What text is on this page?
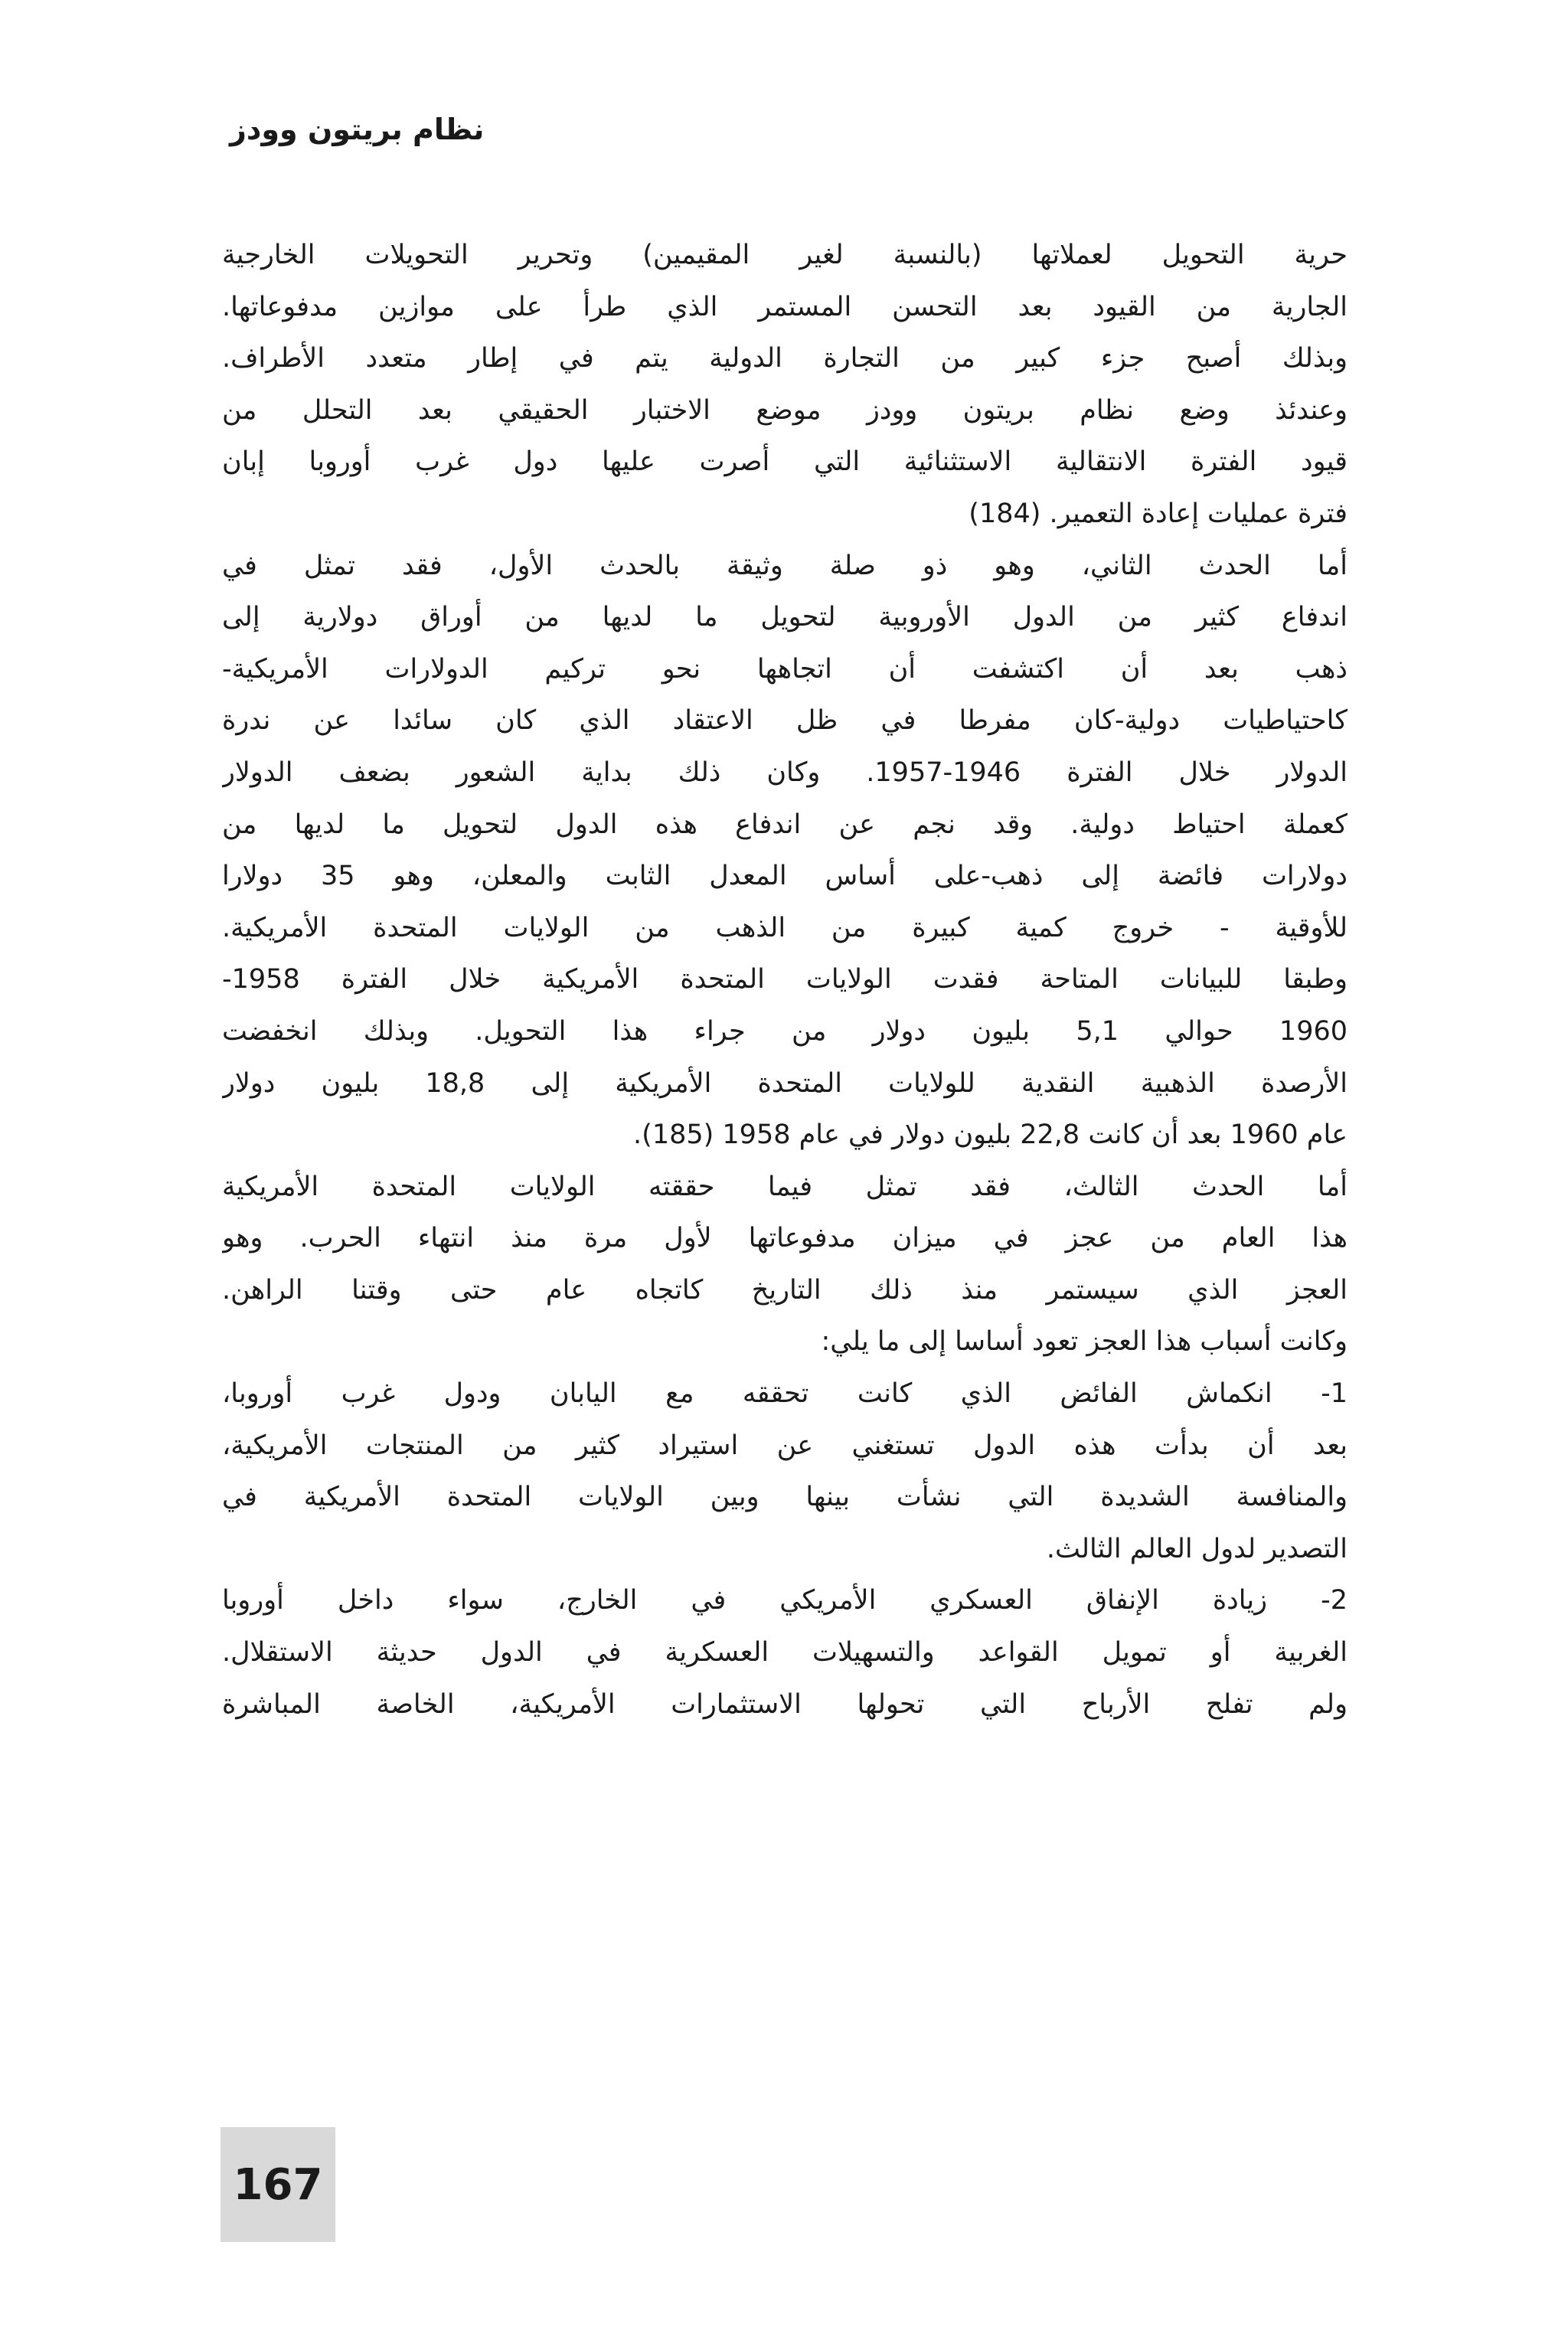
نظام بريتون وودز
حرية التحويل لعملاتها (بالنسبة لغير المقيمين) وتحرير التحويلات الخارجية
الجارية من القيود بعد التحسن المستمر الذي طرأ على موازين مدفوعاتها.
وبذلك أصبح جزء كبير من التجارة الدولية يتم في إطار متعدد الأطراف.
وعندئذ وضع نظام بريتون وودز موضع الاختبار الحقيقي بعد التحلل من
قيود الفترة الانتقالية الاستثنائية التي أصرت عليها دول غرب أوروبا إبان
فترة عمليات إعادة التعمير. (184)
أما الحدث الثاني، وهو ذو صلة وثيقة بالحدث الأول، فقد تمثل في
اندفاع كثير من الدول الأوروبية لتحويل ما لديها من أوراق دولارية إلى
ذهب بعد أن اكتشفت أن اتجاهها نحو تركيم الدولارات الأمريكية-
كاحتياطيات دولية-كان مفرطا في ظل الاعتقاد الذي كان سائدا عن ندرة
الدولار خلال الفترة 1946-1957. وكان ذلك بداية الشعور بضعف الدولار
كعملة احتياط دولية. وقد نجم عن اندفاع هذه الدول لتحويل ما لديها من
دولارات فائضة إلى ذهب-على أساس المعدل الثابت والمعلن، وهو 35 دولارا
للأوقية - خروج كمية كبيرة من الذهب من الولايات المتحدة الأمريكية.
وطبقا للبيانات المتاحة فقدت الولايات المتحدة الأمريكية خلال الفترة 1958-
1960 حوالي 5,1 بليون دولار من جراء هذا التحويل. وبذلك انخفضت
الأرصدة الذهبية النقدية للولايات المتحدة الأمريكية إلى 18,8 بليون دولار
عام 1960 بعد أن كانت 22,8 بليون دولار في عام 1958 (185).
أما الحدث الثالث، فقد تمثل فيما حققته الولايات المتحدة الأمريكية
هذا العام من عجز في ميزان مدفوعاتها لأول مرة منذ انتهاء الحرب. وهو
العجز الذي سيستمر منذ ذلك التاريخ كاتجاه عام حتى وقتنا الراهن.
وكانت أسباب هذا العجز تعود أساسا إلى ما يلي:
1- انكماش الفائض الذي كانت تحققه مع اليابان ودول غرب أوروبا،
بعد أن بدأت هذه الدول تستغني عن استيراد كثير من المنتجات الأمريكية،
والمنافسة الشديدة التي نشأت بينها وبين الولايات المتحدة الأمريكية في
التصدير لدول العالم الثالث.
2- زيادة الإنفاق العسكري الأمريكي في الخارج، سواء داخل أوروبا
الغربية أو تمويل القواعد والتسهيلات العسكرية في الدول حديثة الاستقلال.
ولم تفلح الأرباح التي تحولها الاستثمارات الأمريكية، الخاصة المباشرة
167
